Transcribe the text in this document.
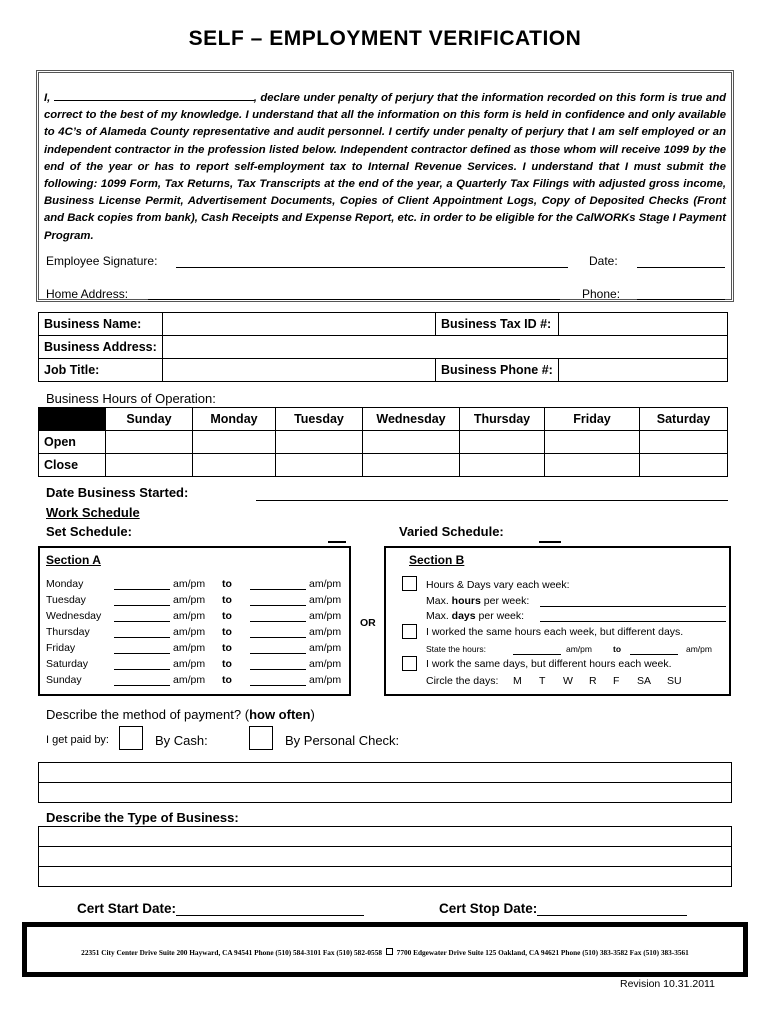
SELF – EMPLOYMENT VERIFICATION
I,	, declare under penalty of perjury that the information recorded on this form is true and correct to the best of my knowledge. I understand that all the information on this form is held in confidence and only available to 4C’s of Alameda County representative and audit personnel. I certify under penalty of perjury that I am self employed or an independent contractor in the profession listed below. Independent contractor defined as those whom will receive 1099 by the end of the year or has to report self-employment tax to Internal Revenue Services. I understand that I must submit the following: 1099 Form, Tax Returns, Tax Transcripts at the end of the year, a Quarterly Tax Filings with adjusted gross income, Business License Permit, Advertisement Documents, Copies of Client Appointment Logs, Copy of Deposited Checks (Front and Back copies from bank), Cash Receipts and Expense Report, etc. in order to be eligible for the CalWORKs Stage I Payment Program.
Employee Signature:	Date:
Home Address:	Phone:
Business Name:		Business Tax ID #:	
Business Address:			
Job Title:		Business Phone #:	
Business Hours of Operation:
	Sunday	Monday	Tuesday	Wednesday	Thursday	Friday	Saturday
Open							
Close							
Date Business Started:
Work Schedule
Set Schedule:	Varied Schedule:
Section A
Monday	am/pm to	am/pm
Tuesday	am/pm to	am/pm
Wednesday	am/pm to	am/pm
Thursday	am/pm to	am/pm
Friday	am/pm to	am/pm
Saturday	am/pm to	am/pm
Sunday	am/pm to	am/pm
OR
Section B
Hours & Days vary each week:
Max. hours per week:
Max. days per week:
I worked the same hours each week, but different days.
State the hours:	am/pm to	am/pm
I work the same days, but different hours each week.
Circle the days: M T W R F SA SU
Describe the method of payment? (how often)
I get paid by:	By Cash:	By Personal Check:

Describe the Type of Business:

Cert Start Date:	Cert Stop Date:
22351 City Center Drive Suite 200 Hayward, CA 94541 Phone (510) 584-3101 Fax (510) 582-0558 7700 Edgewater Drive Suite 125 Oakland, CA 94621 Phone (510) 383-3582 Fax (510) 383-3561
Revision 10.31.2011
